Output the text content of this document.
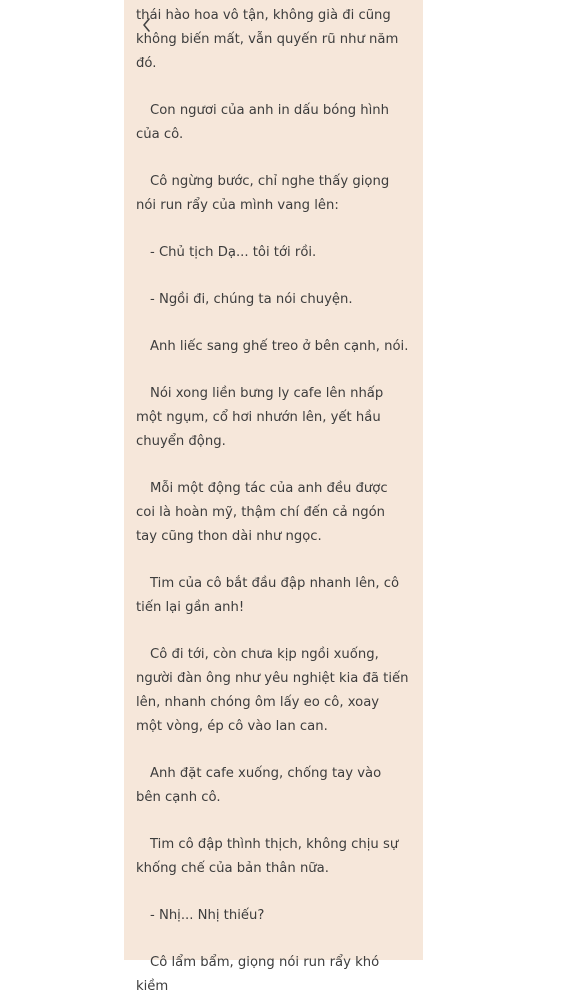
thái hào hoa vô tận, không già đi cũng không biến mất, vẫn quyến rũ như năm đó.

Con ngươi của anh in dấu bóng hình của cô.

Cô ngừng bước, chỉ nghe thấy giọng nói run rẩy của mình vang lên:

- Chủ tịch Dạ... tôi tới rồi.

- Ngồi đi, chúng ta nói chuyện.

Anh liếc sang ghế treo ở bên cạnh, nói.

Nói xong liền bưng ly cafe lên nhấp một ngụm, cổ hơi nhướn lên, yết hầu chuyển động.

Mỗi một động tác của anh đều được coi là hoàn mỹ, thậm chí đến cả ngón tay cũng thon dài như ngọc.

Tim của cô bắt đầu đập nhanh lên, cô tiến lại gần anh!

Cô đi tới, còn chưa kịp ngồi xuống, người đàn ông như yêu nghiệt kia đã tiến lên, nhanh chóng ôm lấy eo cô, xoay một vòng, ép cô vào lan can.

Anh đặt cafe xuống, chống tay vào bên cạnh cô.

Tim cô đập thình thịch, không chịu sự khống chế của bản thân nữa.

- Nhị... Nhị thiếu?

Cô lẩm bẩm, giọng nói run rẩy khó kiềm
